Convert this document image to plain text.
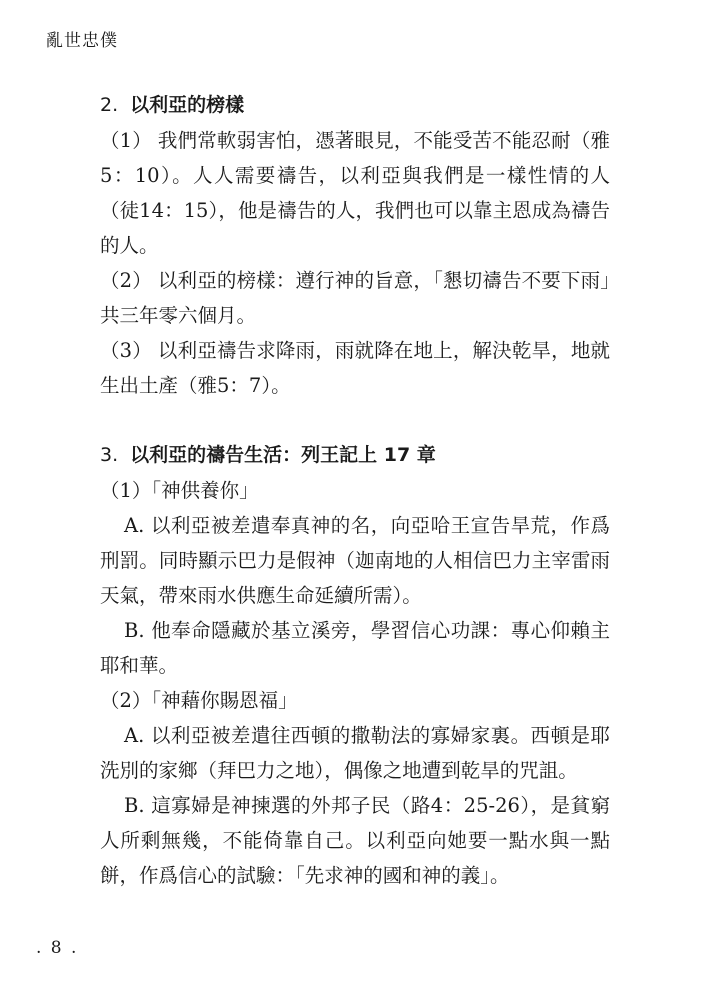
亂世忠僕
2. 以利亞的榜樣

（1） 我們常軟弱害怕，憑著眼見，不能受苦不能忍耐（雅5：10）。人人需要禱告，以利亞與我們是一樣性情的人（徒14：15），他是禱告的人，我們也可以靠主恩成為禱告的人。

（2） 以利亞的榜樣：遵行神的旨意，「懇切禱告不要下雨」共三年零六個月。

（3） 以利亞禱告求降雨，雨就降在地上，解決乾旱，地就生出土產（雅5：7）。

3. 以利亞的禱告生活：列王記上 17 章

（1）「神供養你」

A. 以利亞被差遣奉真神的名，向亞哈王宣告旱荒，作爲刑罰。同時顯示巴力是假神（迦南地的人相信巴力主宰雷雨天氣，帶來雨水供應生命延續所需）。

B. 他奉命隱藏於基立溪旁，學習信心功課：專心仰賴主耶和華。

（2）「神藉你賜恩福」

A. 以利亞被差遣往西頓的撒勒法的寡婦家裏。西頓是耶洗別的家鄉（拜巴力之地），偶像之地遭到乾旱的咒詛。

B. 這寡婦是神揀選的外邦子民（路4：25-26），是貧窮人所剩無幾，不能倚靠自己。以利亞向她要一點水與一點餅，作爲信心的試驗：「先求神的國和神的義」。

. 8 .
